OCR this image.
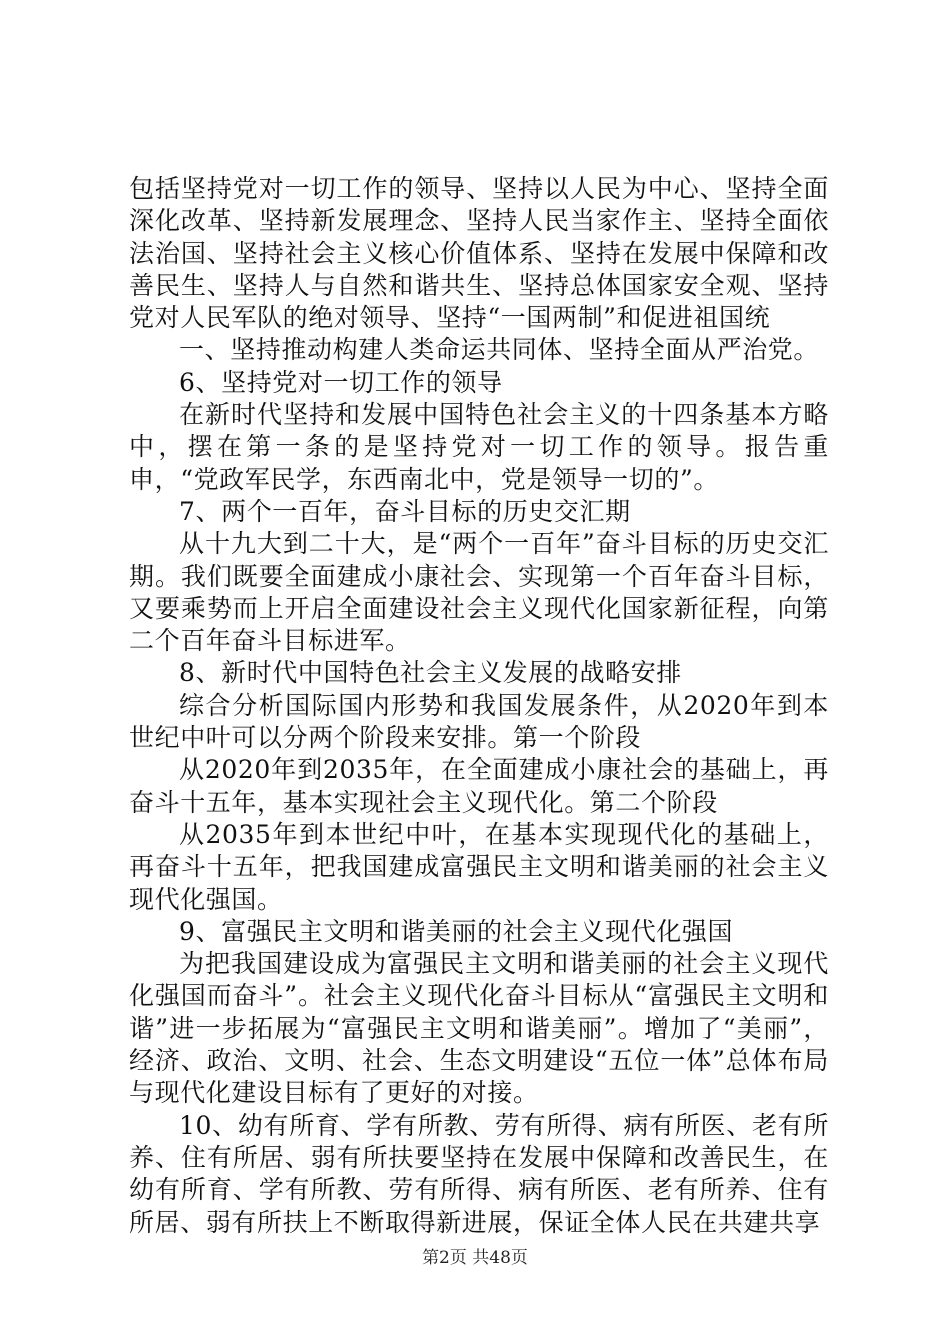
包括坚持党对一切工作的领导、坚持以人民为中心、坚持全面深化改革、坚持新发展理念、坚持人民当家作主、坚持全面依法治国、坚持社会主义核心价值体系、坚持在发展中保障和改善民生、坚持人与自然和谐共生、坚持总体国家安全观、坚持党对人民军队的绝对领导、坚持“一国两制”和促进祖国统

一、坚持推动构建人类命运共同体、坚持全面从严治党。

6、坚持党对一切工作的领导

在新时代坚持和发展中国特色社会主义的十四条基本方略中，摆在第一条的是坚持党对一切工作的领导。报告重申，“党政军民学，东西南北中，党是领导一切的”。

7、两个一百年，奋斗目标的历史交汇期

从十九大到二十大，是“两个一百年”奋斗目标的历史交汇期。我们既要全面建成小康社会、实现第一个百年奋斗目标，又要乘势而上开启全面建设社会主义现代化国家新征程，向第二个百年奋斗目标进军。

8、新时代中国特色社会主义发展的战略安排

综合分析国际国内形势和我国发展条件，从2020年到本世纪中叶可以分两个阶段来安排。第一个阶段

从2020年到2035年，在全面建成小康社会的基础上，再奋斗十五年，基本实现社会主义现代化。第二个阶段

从2035年到本世纪中叶，在基本实现现代化的基础上，再奋斗十五年，把我国建成富强民主文明和谐美丽的社会主义现代化强国。

9、富强民主文明和谐美丽的社会主义现代化强国

为把我国建设成为富强民主文明和谐美丽的社会主义现代化强国而奋斗”。社会主义现代化奋斗目标从“富强民主文明和谐”进一步拓展为“富强民主文明和谐美丽”。增加了“美丽”，经济、政治、文明、社会、生态文明建设“五位一体”总体布局与现代化建设目标有了更好的对接。

10、幼有所育、学有所教、劳有所得、病有所医、老有所养、住有所居、弱有所扶要坚持在发展中保障和改善民生，在幼有所育、学有所教、劳有所得、病有所医、老有所养、住有所居、弱有所扶上不断取得新进展，保证全体人民在共建共享

第2页 共48页
